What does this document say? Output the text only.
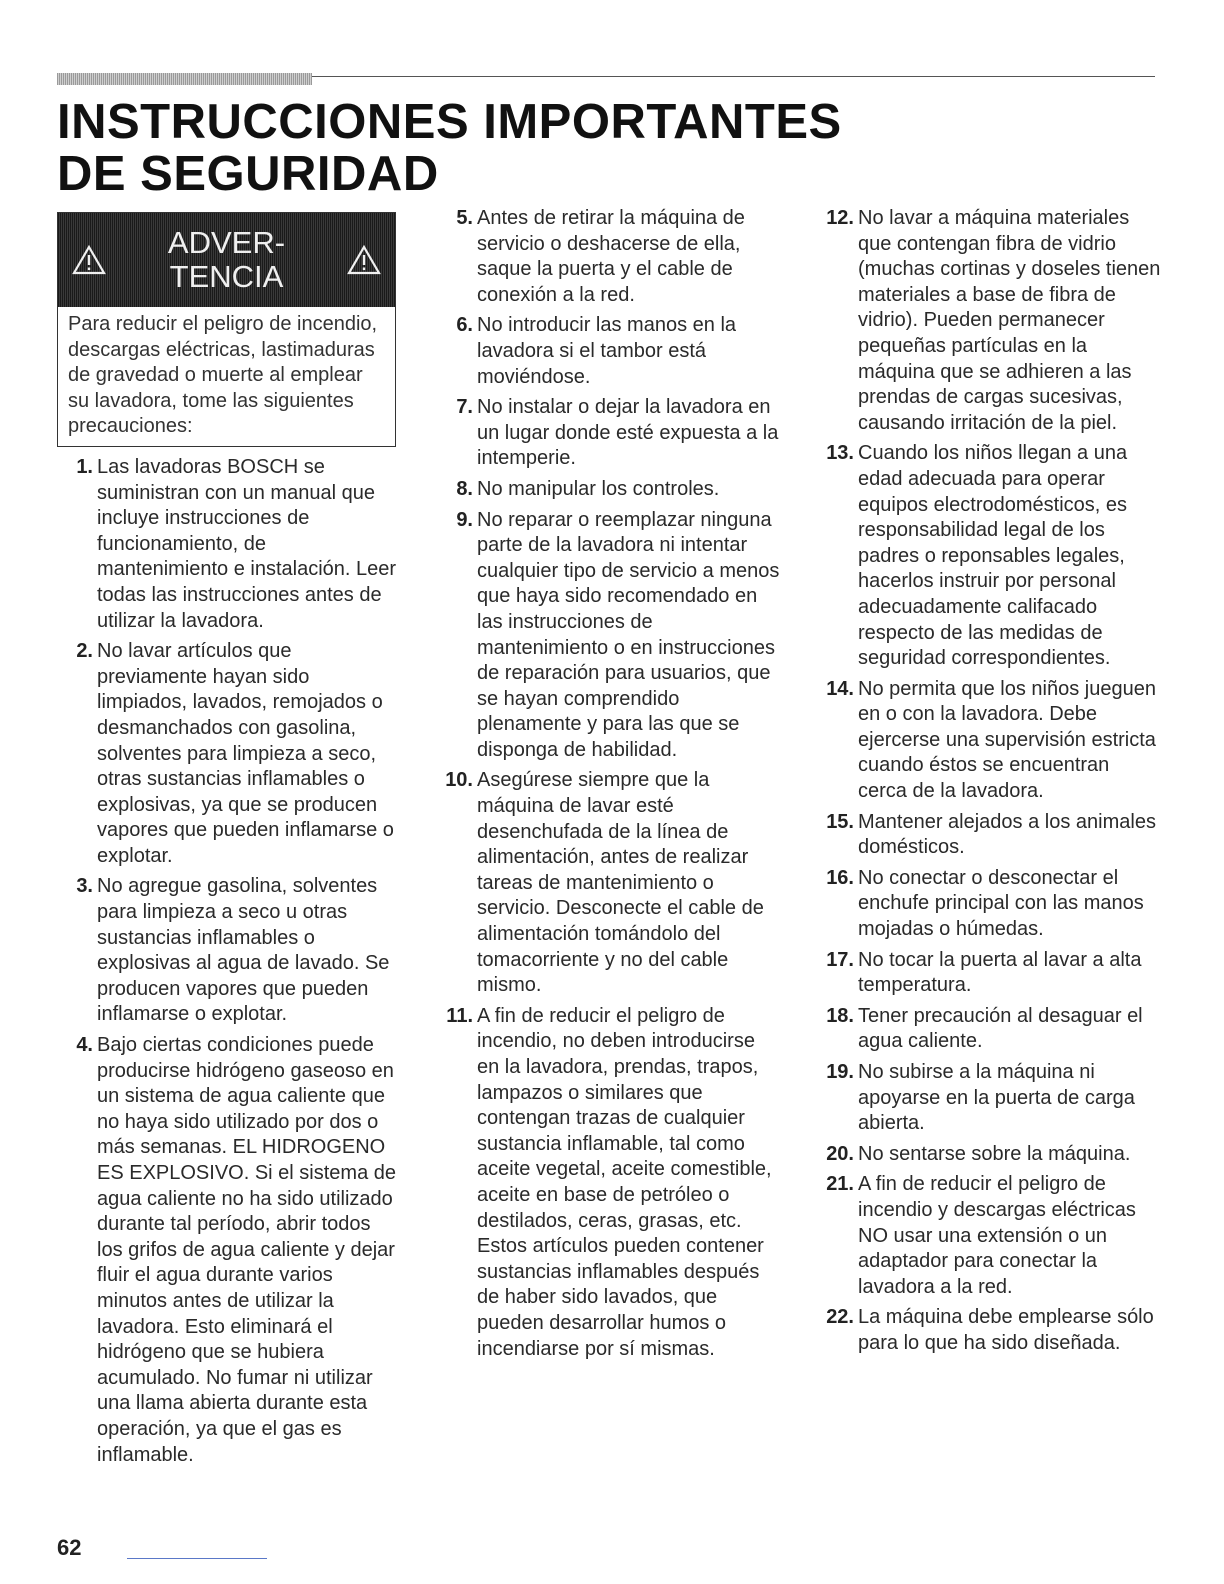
INSTRUCCIONES IMPORTANTES
DE SEGURIDAD
ADVER-
TENCIA
Para reducir el peligro de incendio, descargas eléctricas, lastimaduras de gravedad o muerte al emplear su lavadora, tome las siguientes precauciones:
1. Las lavadoras BOSCH se suministran con un manual que incluye instrucciones de funcionamiento, de mantenimiento e instalación. Leer todas las instrucciones antes de utilizar la lavadora.
2. No lavar artículos que previamente hayan sido limpiados, lavados, remojados o desmanchados con gasolina, solventes para limpieza a seco, otras sustancias inflamables o explosivas, ya que se producen vapores que pueden inflamarse o explotar.
3. No agregue gasolina, solventes para limpieza a seco u otras sustancias inflamables o explosivas al agua de lavado. Se producen vapores que pueden inflamarse o explotar.
4. Bajo ciertas condiciones puede producirse hidrógeno gaseoso en un sistema de agua caliente que no haya sido utilizado por dos o más semanas. EL HIDROGENO ES EXPLOSIVO. Si el sistema de agua caliente no ha sido utilizado durante tal período, abrir todos los grifos de agua caliente y dejar fluir el agua durante varios minutos antes de utilizar la lavadora. Esto eliminará el hidrógeno que se hubiera acumulado. No fumar ni utilizar una llama abierta durante esta operación, ya que el gas es inflamable.
5. Antes de retirar la máquina de servicio o deshacerse de ella, saque la puerta y el cable de conexión a la red.
6. No introducir las manos en la lavadora si el tambor está moviéndose.
7. No instalar o dejar la lavadora en un lugar donde esté expuesta a la intemperie.
8. No manipular los controles.
9. No reparar o reemplazar ninguna parte de la lavadora ni intentar cualquier tipo de servicio a menos que haya sido recomendado en las instrucciones de mantenimiento o en instrucciones de reparación para usuarios, que se hayan comprendido plenamente y para las que se disponga de habilidad.
10. Asegúrese siempre que la máquina de lavar esté desenchufada de la línea de alimentación, antes de realizar tareas de mantenimiento o servicio. Desconecte el cable de alimentación tomándolo del tomacorriente y no del cable mismo.
11. A fin de reducir el peligro de incendio, no deben introducirse en la lavadora, prendas, trapos, lampazos o similares que contengan trazas de cualquier sustancia inflamable, tal como aceite vegetal, aceite comestible, aceite en base de petróleo o destilados, ceras, grasas, etc. Estos artículos pueden contener sustancias inflamables después de haber sido lavados, que pueden desarrollar humos o incendiarse por sí mismas.
12. No lavar a máquina materiales que contengan fibra de vidrio (muchas cortinas y doseles tienen materiales a base de fibra de vidrio). Pueden permanecer pequeñas partículas en la máquina que se adhieren a las prendas de cargas sucesivas, causando irritación de la piel.
13. Cuando los niños llegan a una edad adecuada para operar equipos electrodomésticos, es responsabilidad legal de los padres o reponsables legales, hacerlos instruir por personal adecuadamente califacado respecto de las medidas de seguridad correspondientes.
14. No permita que los niños jueguen en o con la lavadora. Debe ejercerse una supervisión estricta cuando éstos se encuentran cerca de la lavadora.
15. Mantener alejados a los animales domésticos.
16. No conectar o desconectar el enchufe principal con las manos mojadas o húmedas.
17. No tocar la puerta al lavar a alta temperatura.
18. Tener precaución al desaguar el agua caliente.
19. No subirse a la máquina ni apoyarse en la puerta de carga abierta.
20. No sentarse sobre la máquina.
21. A fin de reducir el peligro de incendio y descargas eléctricas NO usar una extensión o un adaptador para conectar la lavadora a la red.
22. La máquina debe emplearse sólo para lo que ha sido diseñada.
62
